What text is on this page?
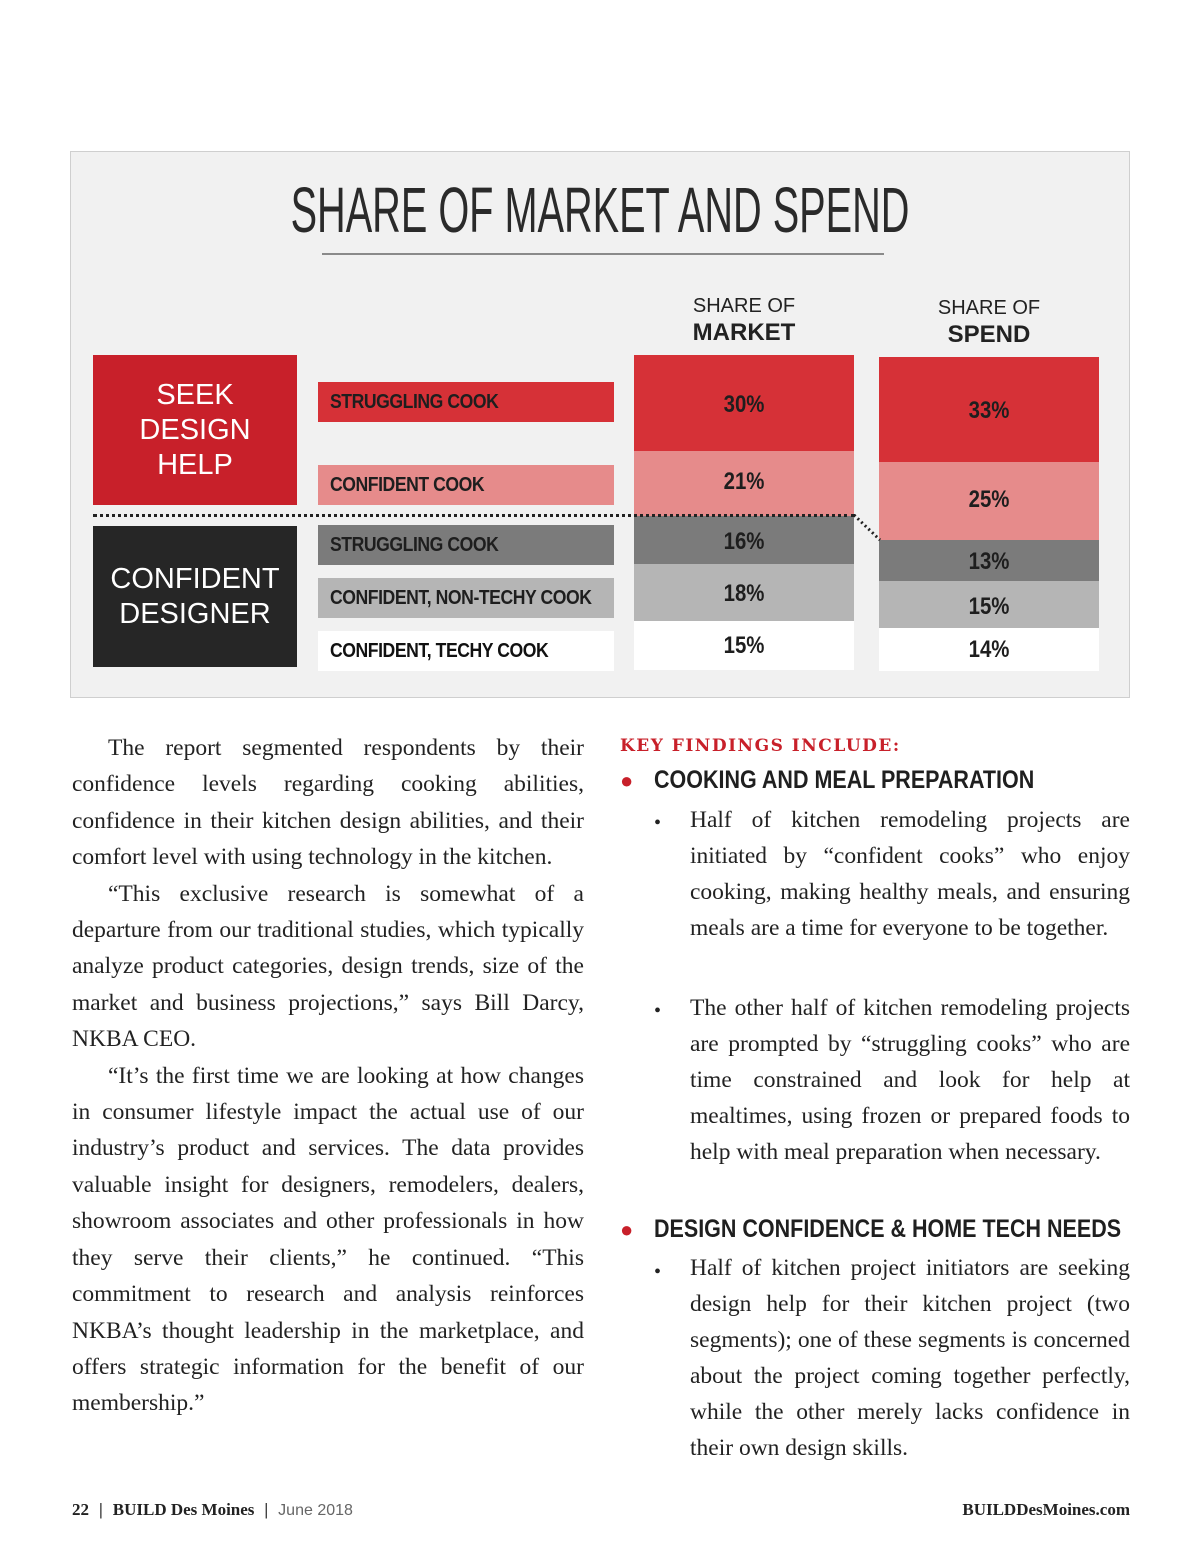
SHARE OF MARKET AND SPEND
SHARE OF
MARKET
SHARE OF
SPEND
SEEK
DESIGN
HELP
CONFIDENT
DESIGNER
STRUGGLING COOK
CONFIDENT COOK
STRUGGLING COOK
CONFIDENT, NON-TECHY COOK
CONFIDENT, TECHY COOK
30%
21%
16%
18%
15%
33%
25%
13%
15%
14%

The report segmented respondents by their confidence levels regarding cooking abilities, confidence in their kitchen design abilities, and their comfort level with using technology in the kitchen.

“This exclusive research is somewhat of a departure from our traditional studies, which typically analyze product categories, design trends, size of the market and business projections,” says Bill Darcy, NKBA CEO.

“It’s the first time we are looking at how changes in consumer lifestyle impact the actual use of our industry’s product and services. The data provides valuable insight for designers, remodelers, dealers, showroom associates and other professionals in how they serve their clients,” he continued. “This commitment to research and analysis reinforces NKBA’s thought leadership in the marketplace, and offers strategic information for the benefit of our membership.”

KEY FINDINGS INCLUDE:
● COOKING AND MEAL PREPARATION
• Half of kitchen remodeling projects are initiated by “confident cooks” who enjoy cooking, making healthy meals, and ensuring meals are a time for everyone to be together.
• The other half of kitchen remodeling projects are prompted by “struggling cooks” who are time constrained and look for help at mealtimes, using frozen or prepared foods to help with meal preparation when necessary.
● DESIGN CONFIDENCE & HOME TECH NEEDS
• Half of kitchen project initiators are seeking design help for their kitchen project (two segments); one of these segments is concerned about the project coming together perfectly, while the other merely lacks confidence in their own design skills.
22 | BUILD Des Moines | June 2018	BUILDDesMoines.com
